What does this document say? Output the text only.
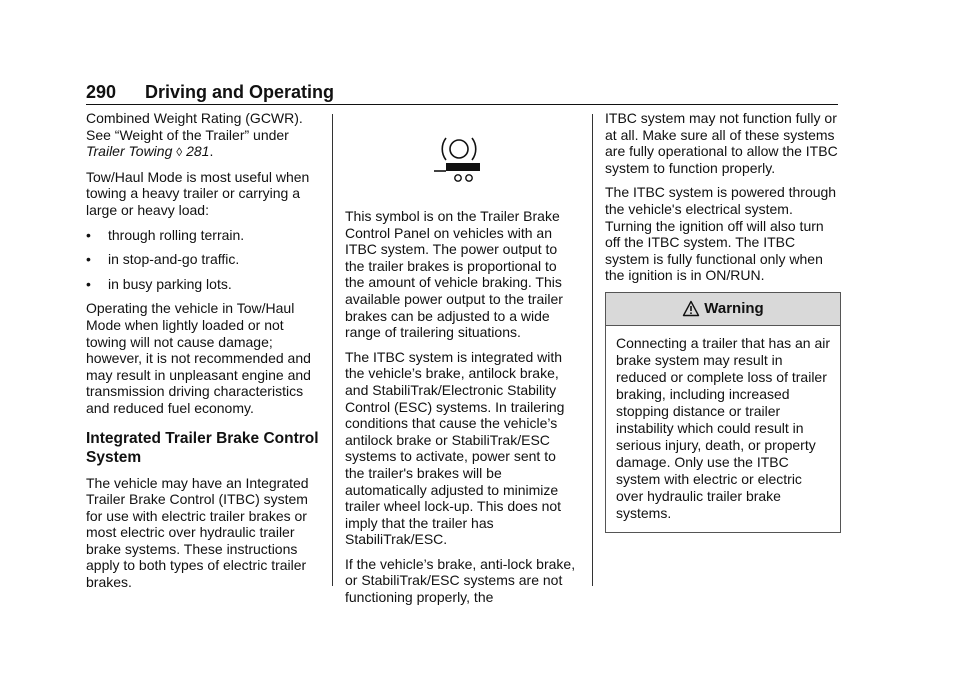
290 Driving and Operating

Combined Weight Rating (GCWR). See “Weight of the Trailer” under Trailer Towing ◊ 281.

Tow/Haul Mode is most useful when towing a heavy trailer or carrying a large or heavy load:

•	through rolling terrain.
•	in stop-and-go traffic.
•	in busy parking lots.

Operating the vehicle in Tow/Haul Mode when lightly loaded or not towing will not cause damage; however, it is not recommended and may result in unpleasant engine and transmission driving characteristics and reduced fuel economy.

Integrated Trailer Brake Control System

The vehicle may have an Integrated Trailer Brake Control (ITBC) system for use with electric trailer brakes or most electric over hydraulic trailer brake systems. These instructions apply to both types of electric trailer brakes.

This symbol is on the Trailer Brake Control Panel on vehicles with an ITBC system. The power output to the trailer brakes is proportional to the amount of vehicle braking. This available power output to the trailer brakes can be adjusted to a wide range of trailering situations.

The ITBC system is integrated with the vehicle’s brake, antilock brake, and StabiliTrak/Electronic Stability Control (ESC) systems. In trailering conditions that cause the vehicle’s antilock brake or StabiliTrak/ESC systems to activate, power sent to the trailer's brakes will be automatically adjusted to minimize trailer wheel lock-up. This does not imply that the trailer has StabiliTrak/ESC.

If the vehicle’s brake, anti-lock brake, or StabiliTrak/ESC systems are not functioning properly, the

ITBC system may not function fully or at all. Make sure all of these systems are fully operational to allow the ITBC system to function properly.

The ITBC system is powered through the vehicle's electrical system. Turning the ignition off will also turn off the ITBC system. The ITBC system is fully functional only when the ignition is in ON/RUN.

Warning
Connecting a trailer that has an air brake system may result in reduced or complete loss of trailer braking, including increased stopping distance or trailer instability which could result in serious injury, death, or property damage. Only use the ITBC system with electric or electric over hydraulic trailer brake systems.
